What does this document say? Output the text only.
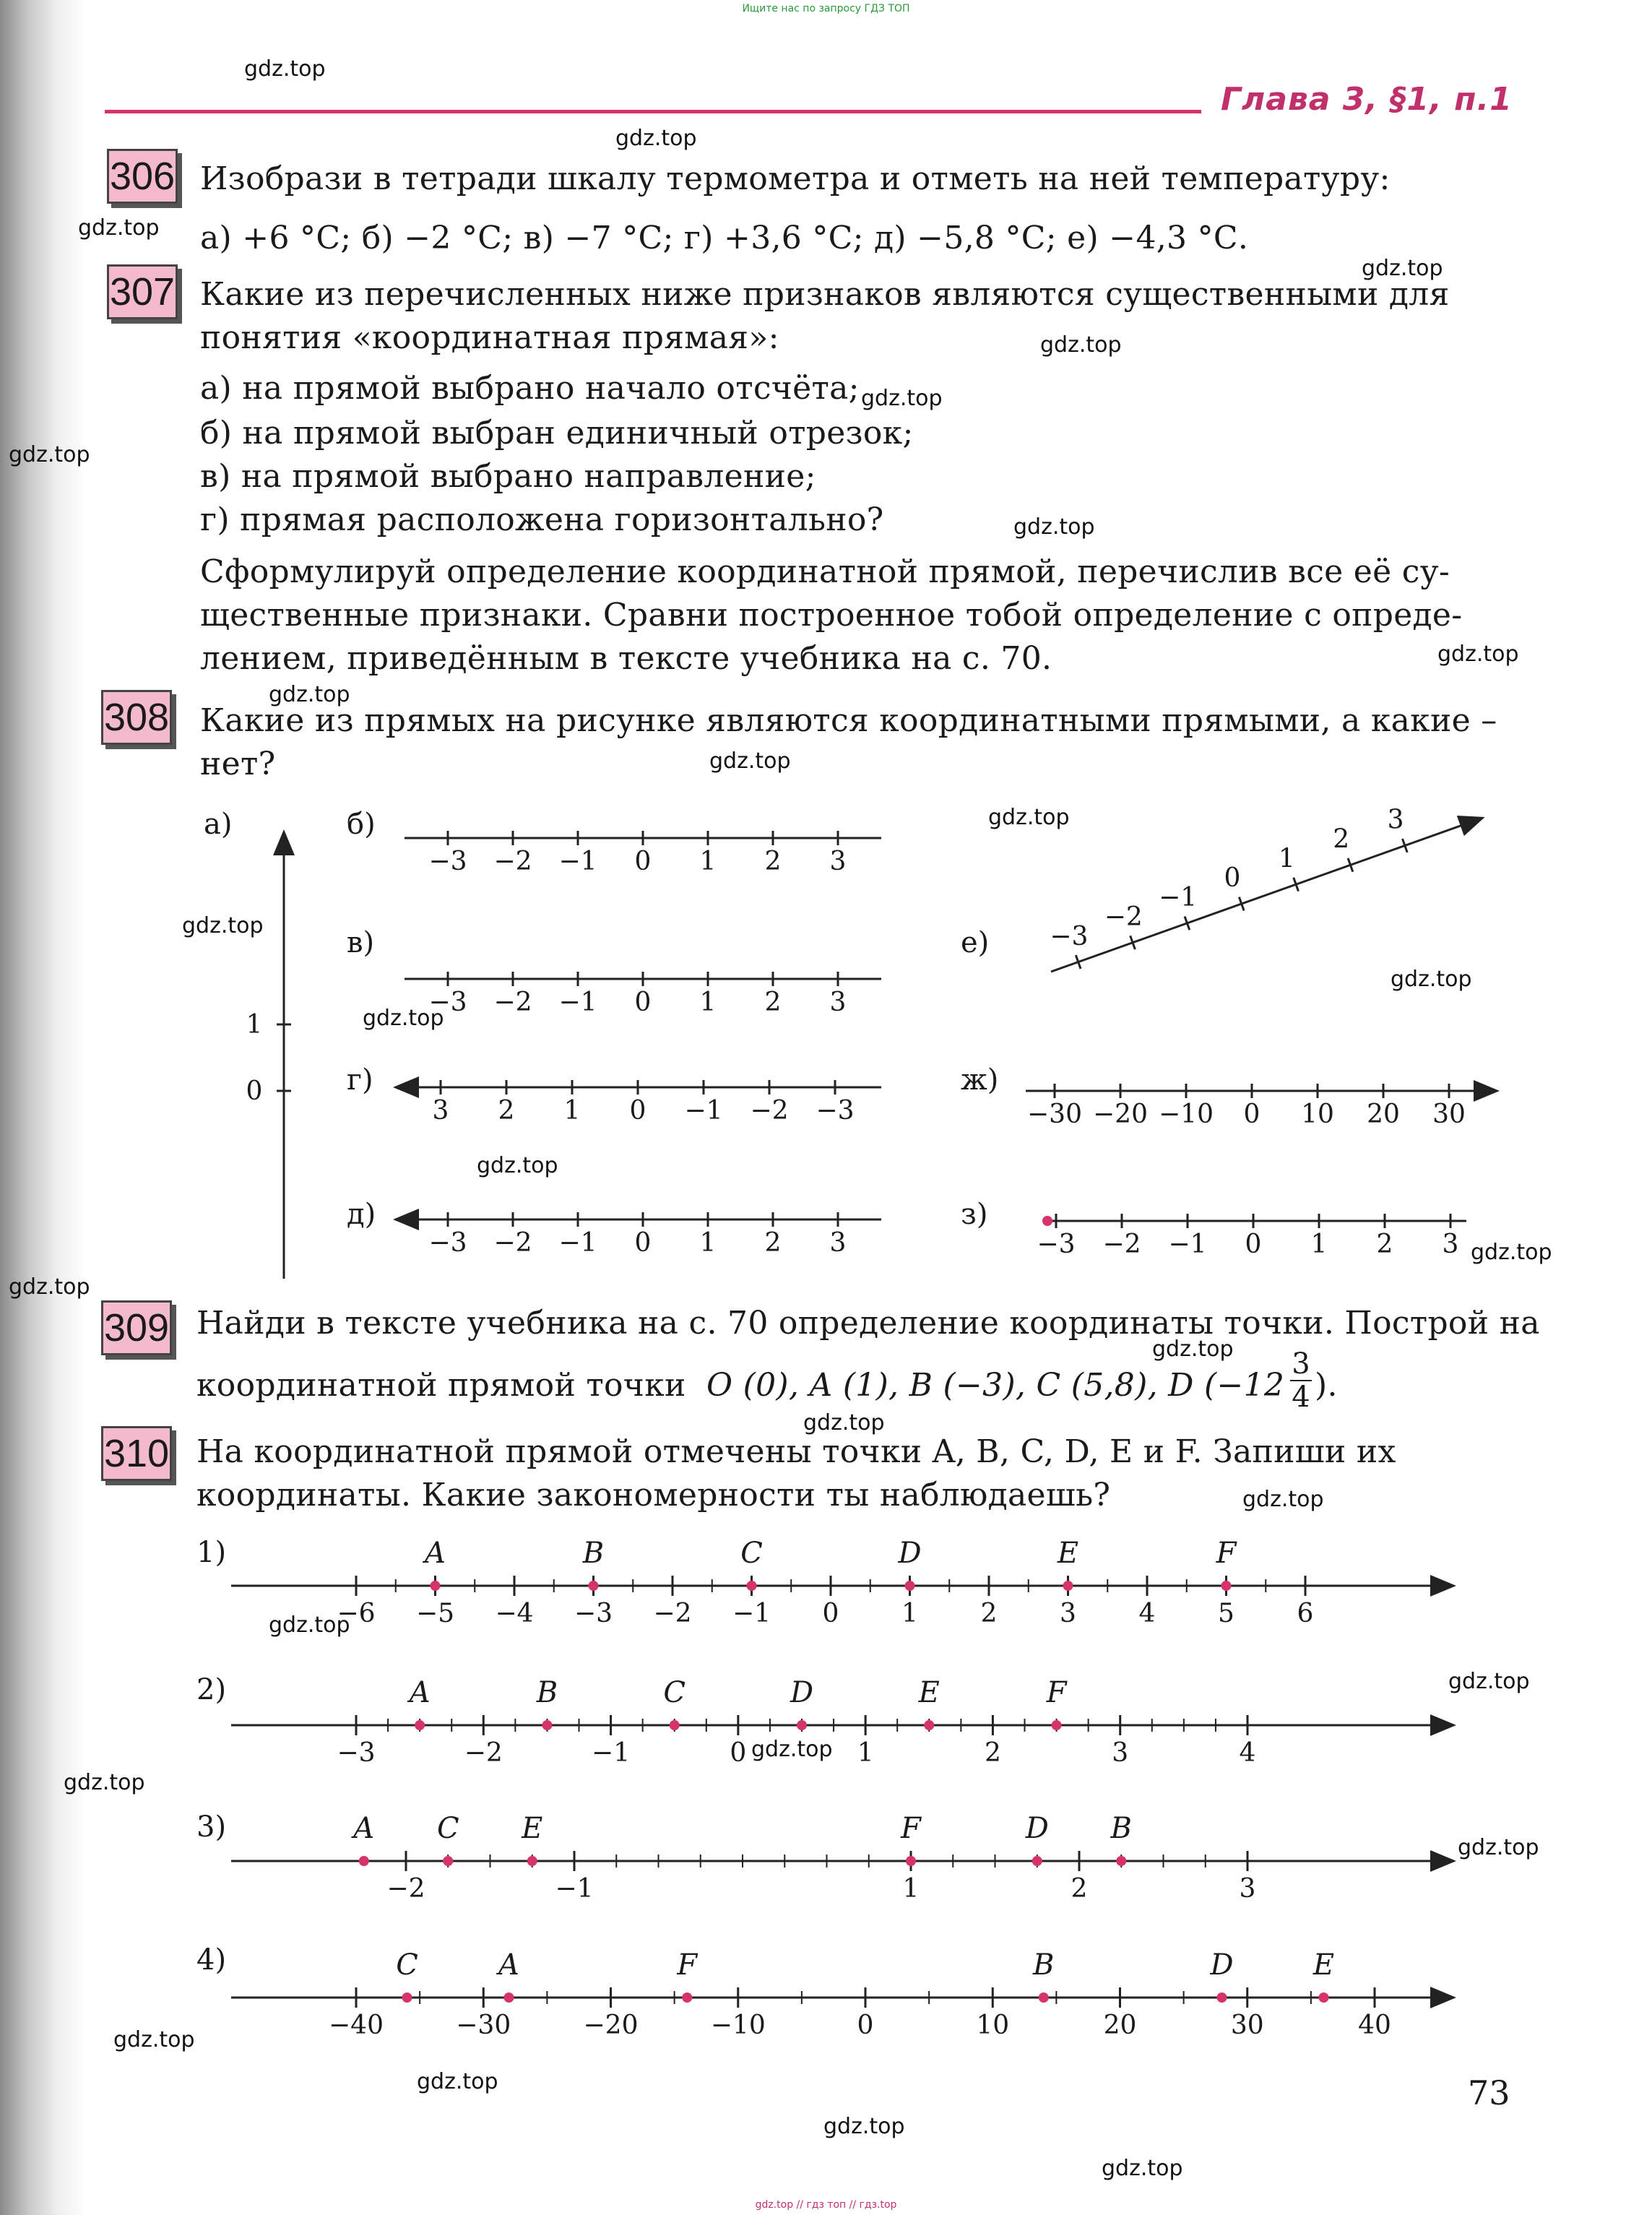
Ищите нас по запросу ГДЗ ТОП
gdz.top // гдз топ // гдз.top
gdz.top
gdz.top
gdz.top
gdz.top
gdz.top
gdz.top
gdz.top
gdz.top
gdz.top
gdz.top
gdz.top
gdz.top
gdz.top
gdz.top
gdz.top
gdz.top
gdz.top
gdz.top
gdz.top
gdz.top
gdz.top
gdz.top
gdz.top
gdz.top
gdz.top
gdz.top
gdz.top
gdz.top
gdz.top
gdz.top
Глава 3, §1, п.1
306 Изобрази в тетради шкалу термометра и отметь на ней температуру:
а) +6 °С; б) −2 °С; в) −7 °С; г) +3,6 °С; д) −5,8 °С; е) −4,3 °С.
307 Какие из перечисленных ниже признаков являются существенными для
понятия «координатная прямая»:
а) на прямой выбрано начало отсчёта;
б) на прямой выбран единичный отрезок;
в) на прямой выбрано направление;
г) прямая расположена горизонтально?
Сформулируй определение координатной прямой, перечислив все её су-
щественные признаки. Сравни построенное тобой определение с опреде-
лением, приведённым в тексте учебника на с. 70.
308 Какие из прямых на рисунке являются координатными прямыми, а какие –
нет?
1
0
−3 −2 −1 0 1 2 3
−3 −2 −1 0 1 2 3
3 2 1 0 −1 −2 −3
−3 −2 −1 0 1 2 3
−30 −20 −10 0 10 20 30
−3 −2 −1 0 1 2 3
−3
−2
−1
0
1
2
3
−6 −5 −4 −3 −2 −1 0 1 2 3 4 5 6
A	B	C	D	E	F
−3	−2	−1	0	1	2	3	4
A	B	C	D	E	F
−2	−1	1	2	3
A C E	F	D B
−40	−30	−20	−10	0	10	20	30	40
C	A	F	B	D	E
а)	б)
в)
г)
д)
е)
ж)
з)
309 Найди в тексте учебника на с. 70 определение координаты точки. Построй на
координатной прямой точки O (0), A (1), B (−3), C (5,8), D ($-12 \frac{3}{4}$ ).
310 На координатной прямой отмечены точки A, B, C, D, E и F. Запиши их
координаты. Какие закономерности ты наблюдаешь?
1)
2)
3)
4)
73
